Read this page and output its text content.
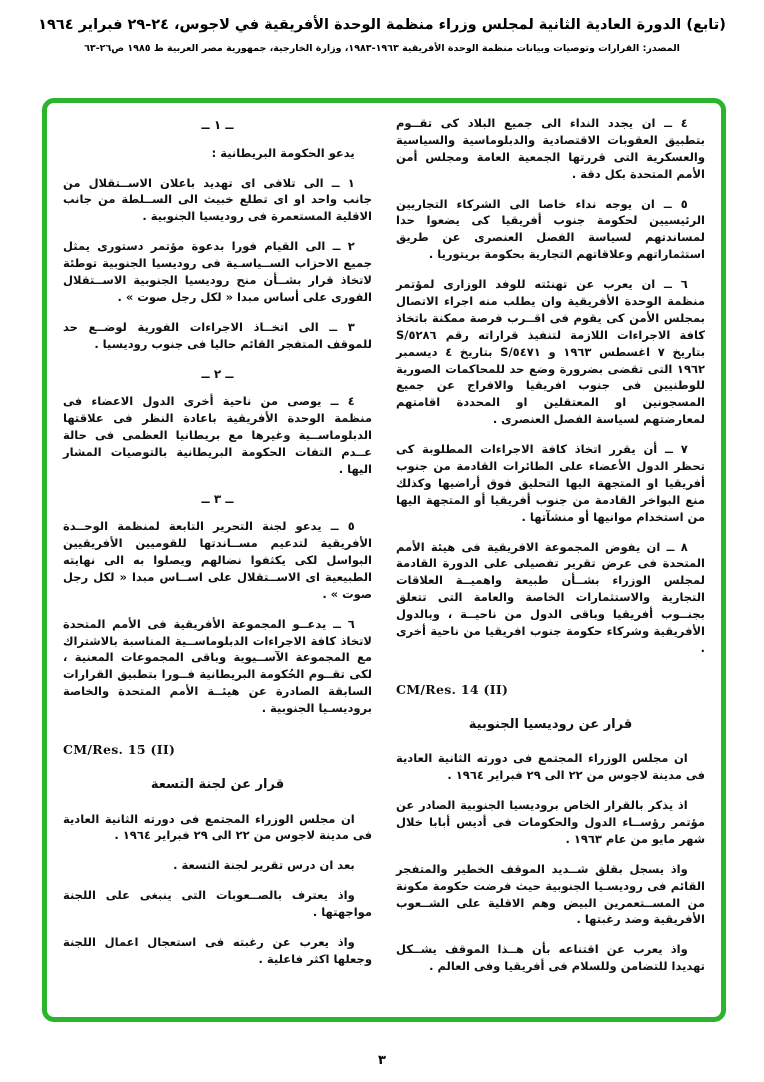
(تابع) الدورة العادية الثانية لمجلس وزراء منظمة الوحدة الأفريقية في لاجوس، ٢٤-٢٩ فبراير ١٩٦٤
المصدر: القرارات وتوصيات وبيانات منظمة الوحدة الأفريقية ١٩٦٣-١٩٨٣، وزارة الخارجية، جمهورية مصر العربية ط ١٩٨٥ ص٢٦-٦٣
٤ ــ ان يجدد النداء الى جميع البلاد كى تقــوم بتطبيق العقوبات الاقتصادية والدبلوماسية والسياسية والعسكرية التى قررتها الجمعية العامة ومجلس أمن الأمم المتحدة بكل دقة .
٥ ــ ان يوجه نداء خاصا الى الشركاء التجاريين الرئيسيين لحكومة جنوب أفريقيا كى يضعوا حدا لمساندتهم لسياسة الفصل العنصرى عن طريق استثماراتهم وعلاقاتهم التجارية بحكومة بريتوريا .
٦ ــ ان يعرب عن تهنئته للوفد الوزارى لمؤتمر منظمة الوحدة الأفريقية وان يطلب منه اجراء الاتصال بمجلس الأمن كى يقوم فى اقــرب فرصة ممكنة باتخاذ كافة الاجراءات اللازمة لتنفيذ قراراته رقم ٥٢٨٦/S بتاريخ ٧ اغسطس ١٩٦٣ و ٥٤٧١/S بتاريخ ٤ ديسمبر ١٩٦٢ التى تقضى بضرورة وضع حد للمحاكمات الصورية للوطنيين فى جنوب افريقيا والافراج عن جميع المسجونين او المعتقلين او المحددة اقامتهم لمعارضتهم لسياسة الفصل العنصرى .
٧ ــ أن يقرر اتخاذ كافة الاجراءات المطلوبة كى تحظر الدول الأعضاء على الطائرات القادمة من جنوب أفريقيا او المتجهة اليها التحليق فوق أراضيها وكذلك منع البواخر القادمة من جنوب أفريقيا أو المتجهة اليها من استخدام موانيها أو منشآتها .
٨ ــ ان يفوض المجموعة الافريقية فى هيئة الأمم المتحدة فى عرض تقرير تفصيلى على الدورة القادمة لمجلس الوزراء بشــأن طبيعة واهميــة العلاقات التجارية والاستثمارات الخاصة والعامة التى تتعلق بجنــوب أفريقيا وباقى الدول من ناحيــة ، وبالدول الأفريقية وشركاء حكومة جنوب افريقيا من ناحية أخرى .
CM/Res. 14 (II)
قرار عن روديسيا الجنوبية
ان مجلس الوزراء المجتمع فى دورته الثانية العادية فى مدينة لاجوس من ٢٢ الى ٢٩ فبراير ١٩٦٤ .
اذ يذكر بالقرار الخاص بروديسيا الجنوبية الصادر عن مؤتمر رؤســاء الدول والحكومات فى أديس أبابا خلال شهر مايو من عام ١٩٦٣ .
واذ يسجل بقلق شــديد الموقف الخطير والمتفجر القائم فى روديسـيا الجنوبية حيث فرضت حكومة مكونة من المســتعمرين البيض وهم الاقلية على الشــعوب الأفريقية وضد رغبتها .
واذ يعرب عن اقتناعه بأن هــذا الموقف يشــكل تهديدا للتضامن وللسلام فى أفريقيا وفى العالم .
ــ ١ ــ
يدعو الحكومة البريطانية :
١ ــ الى تلافى اى تهديد باعلان الاســتقلال من جانب واحد او اى تطلع خبيث الى الســلطة من جانب الاقلية المستعمرة فى روديسيا الجنوبية .
٢ ــ الى القيام فورا بدعوة مؤتمر دستورى يمثل جميع الاحزاب الســياسـية فى روديسيا الجنوبية توطئة لاتخاذ قرار بشــأن منح روديسيا الجنوبية الاســتقلال الفورى على أساس مبدا « لكل رجل صوت » .
٣ ــ الى اتخــاذ الاجراءات الفورية لوضــع حد للموقف المتفجر القائم حاليا فى جنوب روديسيا .
ــ ٢ ــ
٤ ــ يوصى من ناحية أخرى الدول الاعضاء فى منظمة الوحدة الأفريقية باعادة النظر فى علاقتها الدبلوماســية وغيرها مع بريطانيا العظمى فى حالة عــدم التفات الحكومة البريطانية بالتوصيات المشار اليها .
ــ ٣ ــ
٥ ــ يدعو لجنة التحرير التابعة لمنظمة الوحــدة الأفريقية لتدعيم مســاندتها للقوميين الأفريقيين البواسل لكى يكثفوا نضالهم ويصلوا به الى نهايته الطبيعية اى الاســتقلال على اســاس مبدا « لكل رجل صوت » .
٦ ــ يدعــو المجموعة الأفريقية فى الأمم المتحدة لاتخاذ كافة الاجراءات الدبلوماســية المناسبة بالاشتراك مع المجموعة الآســيوية وباقى المجموعات المعنية ، لكى تقــوم الحُكومة البريطانية فــورا بتطبيق القرارات السابقة الصادرة عن هيئــة الأمم المتحدة والخاصة بروديسـيا الجنوبية .
CM/Res. 15 (II)
قرار عن لجنة التسعة
ان مجلس الوزراء المجتمع فى دورته الثانية العادية فى مدينة لاجوس من ٢٢ الى ٢٩ فبراير ١٩٦٤ .
بعد ان درس تقرير لجنة التسعة .
واذ يعترف بالصــعوبات التى ينبغى على اللجنة مواجهتها .
واذ يعرب عن رغبته فى استعجال اعمال اللجنة وجعلها اكثر فاعلية .
٣
